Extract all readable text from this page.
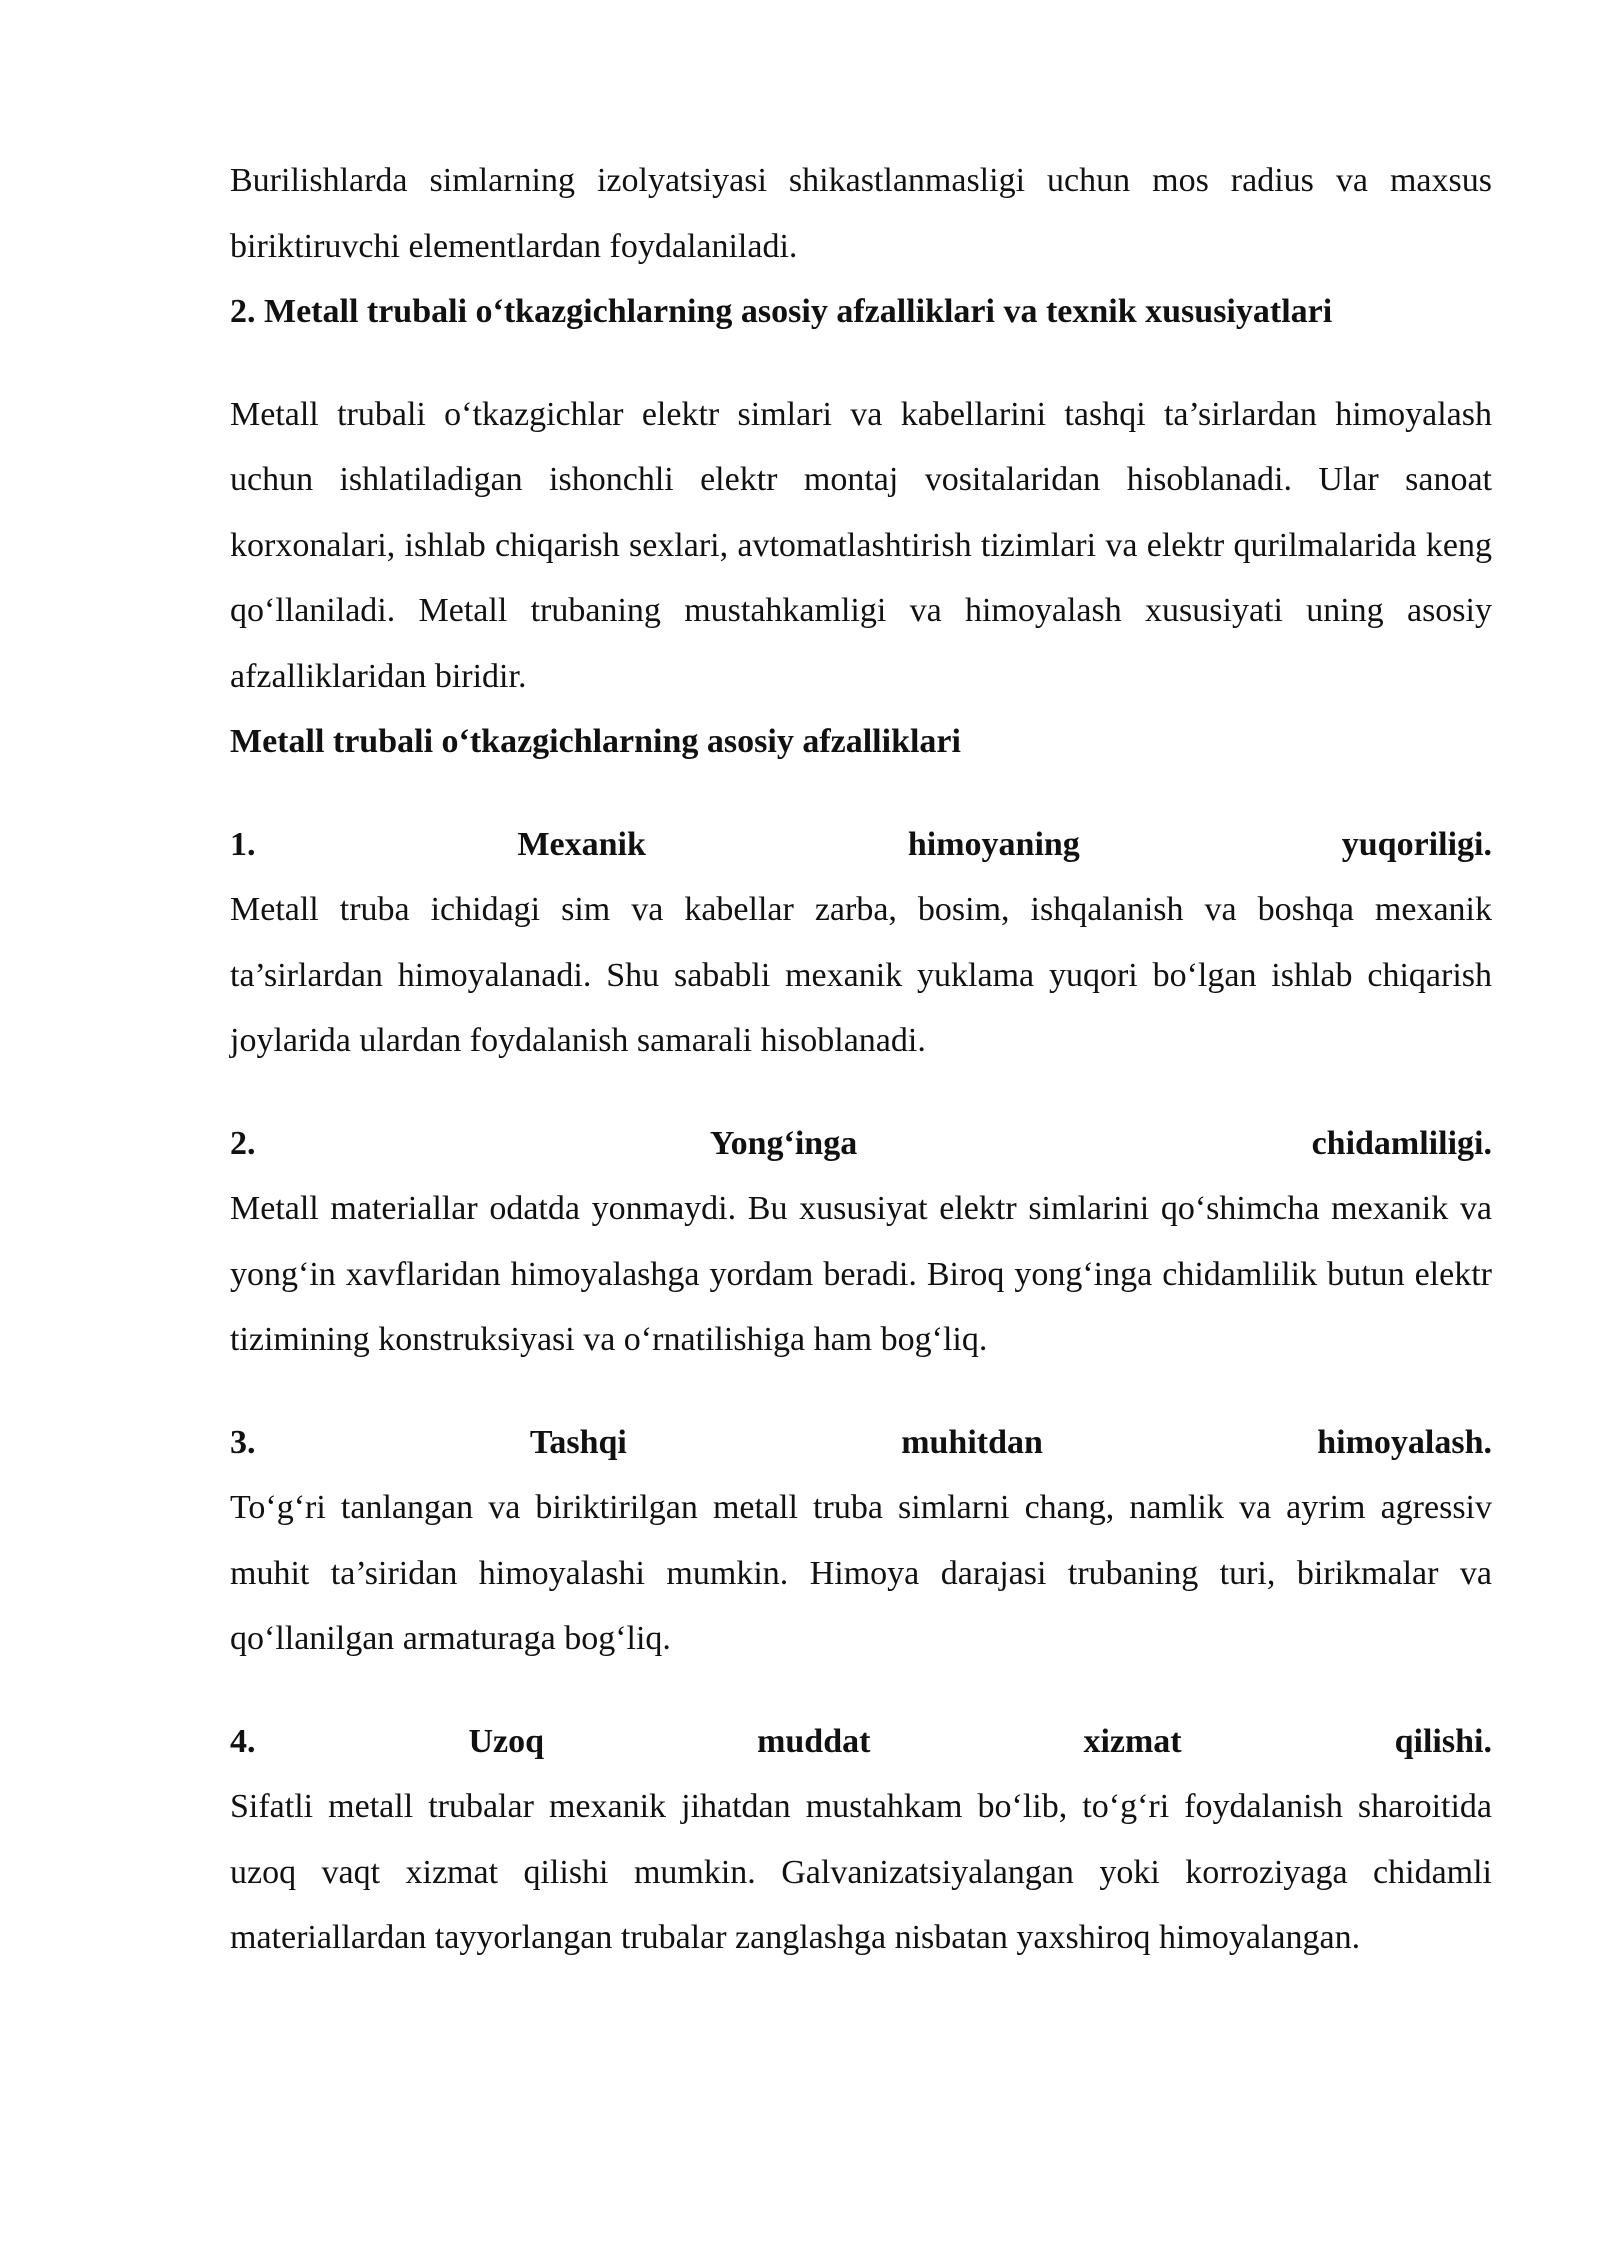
Burilishlarda simlarning izolyatsiyasi shikastlanmasligi uchun mos radius va maxsus biriktiruvchi elementlardan foydalaniladi.

2. Metall trubali o‘tkazgichlarning asosiy afzalliklari va texnik xususiyatlari

Metall trubali o‘tkazgichlar elektr simlari va kabellarini tashqi ta’sirlardan himoyalash uchun ishlatiladigan ishonchli elektr montaj vositalaridan hisoblanadi. Ular sanoat korxonalari, ishlab chiqarish sexlari, avtomatlashtirish tizimlari va elektr qurilmalarida keng qo‘llaniladi. Metall trubaning mustahkamligi va himoyalash xususiyati uning asosiy afzalliklaridan biridir.

Metall trubali o‘tkazgichlarning asosiy afzalliklari

1.	Mexanik	himoyaning	yuqoriligi.

Metall truba ichidagi sim va kabellar zarba, bosim, ishqalanish va boshqa mexanik ta’sirlardan himoyalanadi. Shu sababli mexanik yuklama yuqori bo‘lgan ishlab chiqarish joylarida ulardan foydalanish samarali hisoblanadi.

2.	Yong‘inga	chidamliligi.

Metall materiallar odatda yonmaydi. Bu xususiyat elektr simlarini qo‘shimcha mexanik va yong‘in xavflaridan himoyalashga yordam beradi. Biroq yong‘inga chidamlilik butun elektr tizimining konstruksiyasi va o‘rnatilishiga ham bog‘liq.

3.	Tashqi	muhitdan	himoyalash.

To‘g‘ri tanlangan va biriktirilgan metall truba simlarni chang, namlik va ayrim agressiv muhit ta’siridan himoyalashi mumkin. Himoya darajasi trubaning turi, birikmalar va qo‘llanilgan armaturaga bog‘liq.

4.	Uzoq	muddat	xizmat	qilishi.

Sifatli metall trubalar mexanik jihatdan mustahkam bo‘lib, to‘g‘ri foydalanish sharoitida uzoq vaqt xizmat qilishi mumkin. Galvanizatsiyalangan yoki korroziyaga chidamli materiallardan tayyorlangan trubalar zanglashga nisbatan yaxshiroq himoyalangan.
